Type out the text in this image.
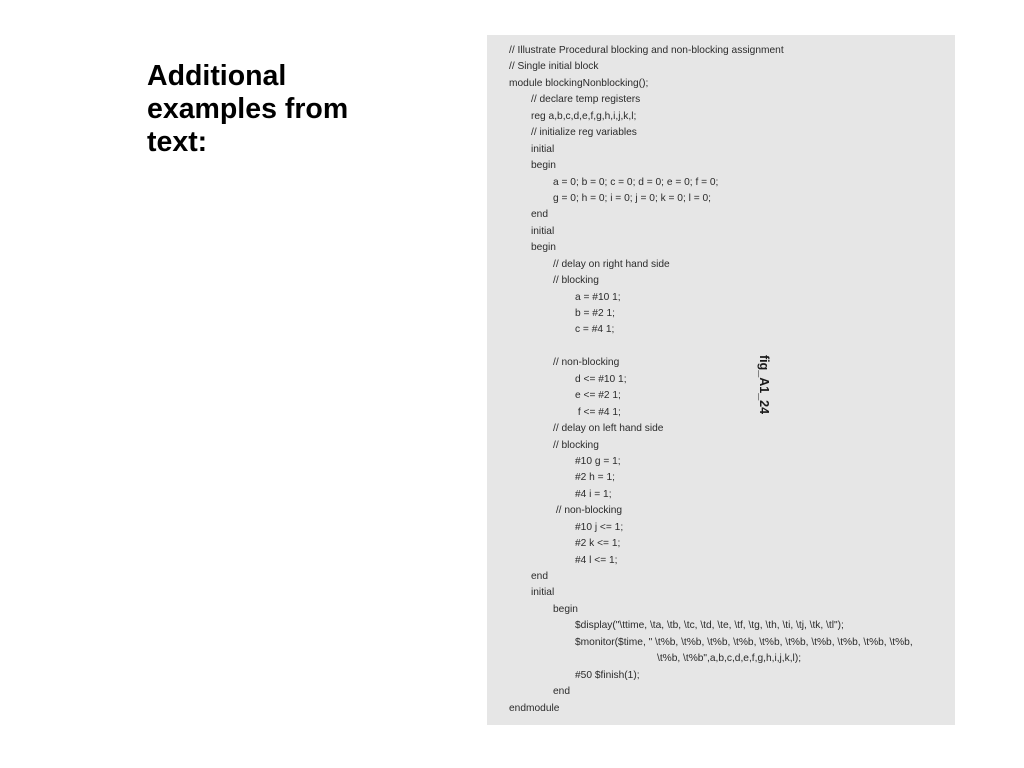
Additional
examples from
text:
// Illustrate Procedural blocking and non-blocking assignment
// Single initial block
module blockingNonblocking();
// declare temp registers
reg a,b,c,d,e,f,g,h,i,j,k,l;
// initialize reg variables
initial
begin
a = 0; b = 0; c = 0; d = 0; e = 0; f = 0;
g = 0; h = 0; i = 0; j = 0; k = 0; l = 0;
end
initial
begin
// delay on right hand side
// blocking
a = #10 1;
b = #2 1;
c = #4 1;
// non-blocking
d <= #10 1;
e <= #2 1;
f <= #4 1;
// delay on left hand side
// blocking
#10 g = 1;
#2 h = 1;
#4 i = 1;
// non-blocking
#10 j <= 1;
#2 k <= 1;
#4 l <= 1;
end
initial
begin
$display("\ttime, \ta, \tb, \tc, \td, \te, \tf, \tg, \th, \ti, \tj, \tk, \tl");
$monitor($time, " \t%b, \t%b, \t%b, \t%b, \t%b, \t%b, \t%b, \t%b, \t%b, \t%b,
\t%b, \t%b",a,b,c,d,e,f,g,h,i,j,k,l);
#50 $finish(1);
end
endmodule
fig_A1_24
